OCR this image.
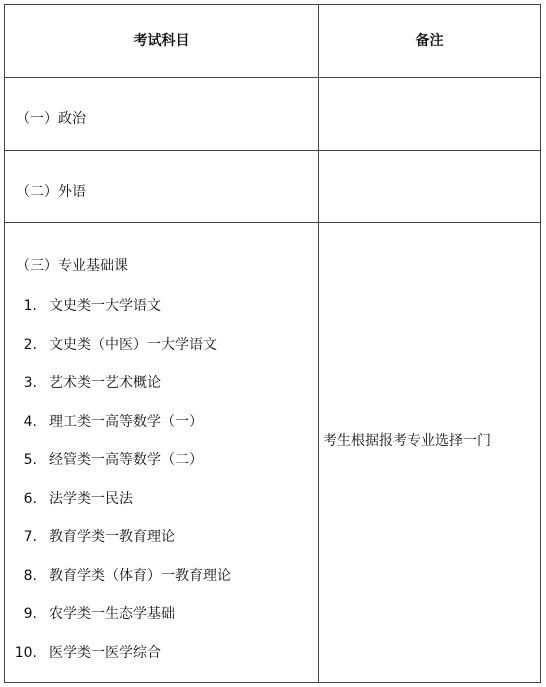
考试科目	备注
（一）政治
（二）外语
（三）专业基础课
1. 文史类一大学语文
2. 文史类（中医）一大学语文
3. 艺术类一艺术概论
4. 理工类一高等数学（一）
5. 经管类一高等数学（二）
6. 法学类一民法
7. 教育学类一教育理论
8. 教育学类（体育）一教育理论
9. 农学类一生态学基础
10. 医学类一医学综合
考生根据报考专业选择一门
